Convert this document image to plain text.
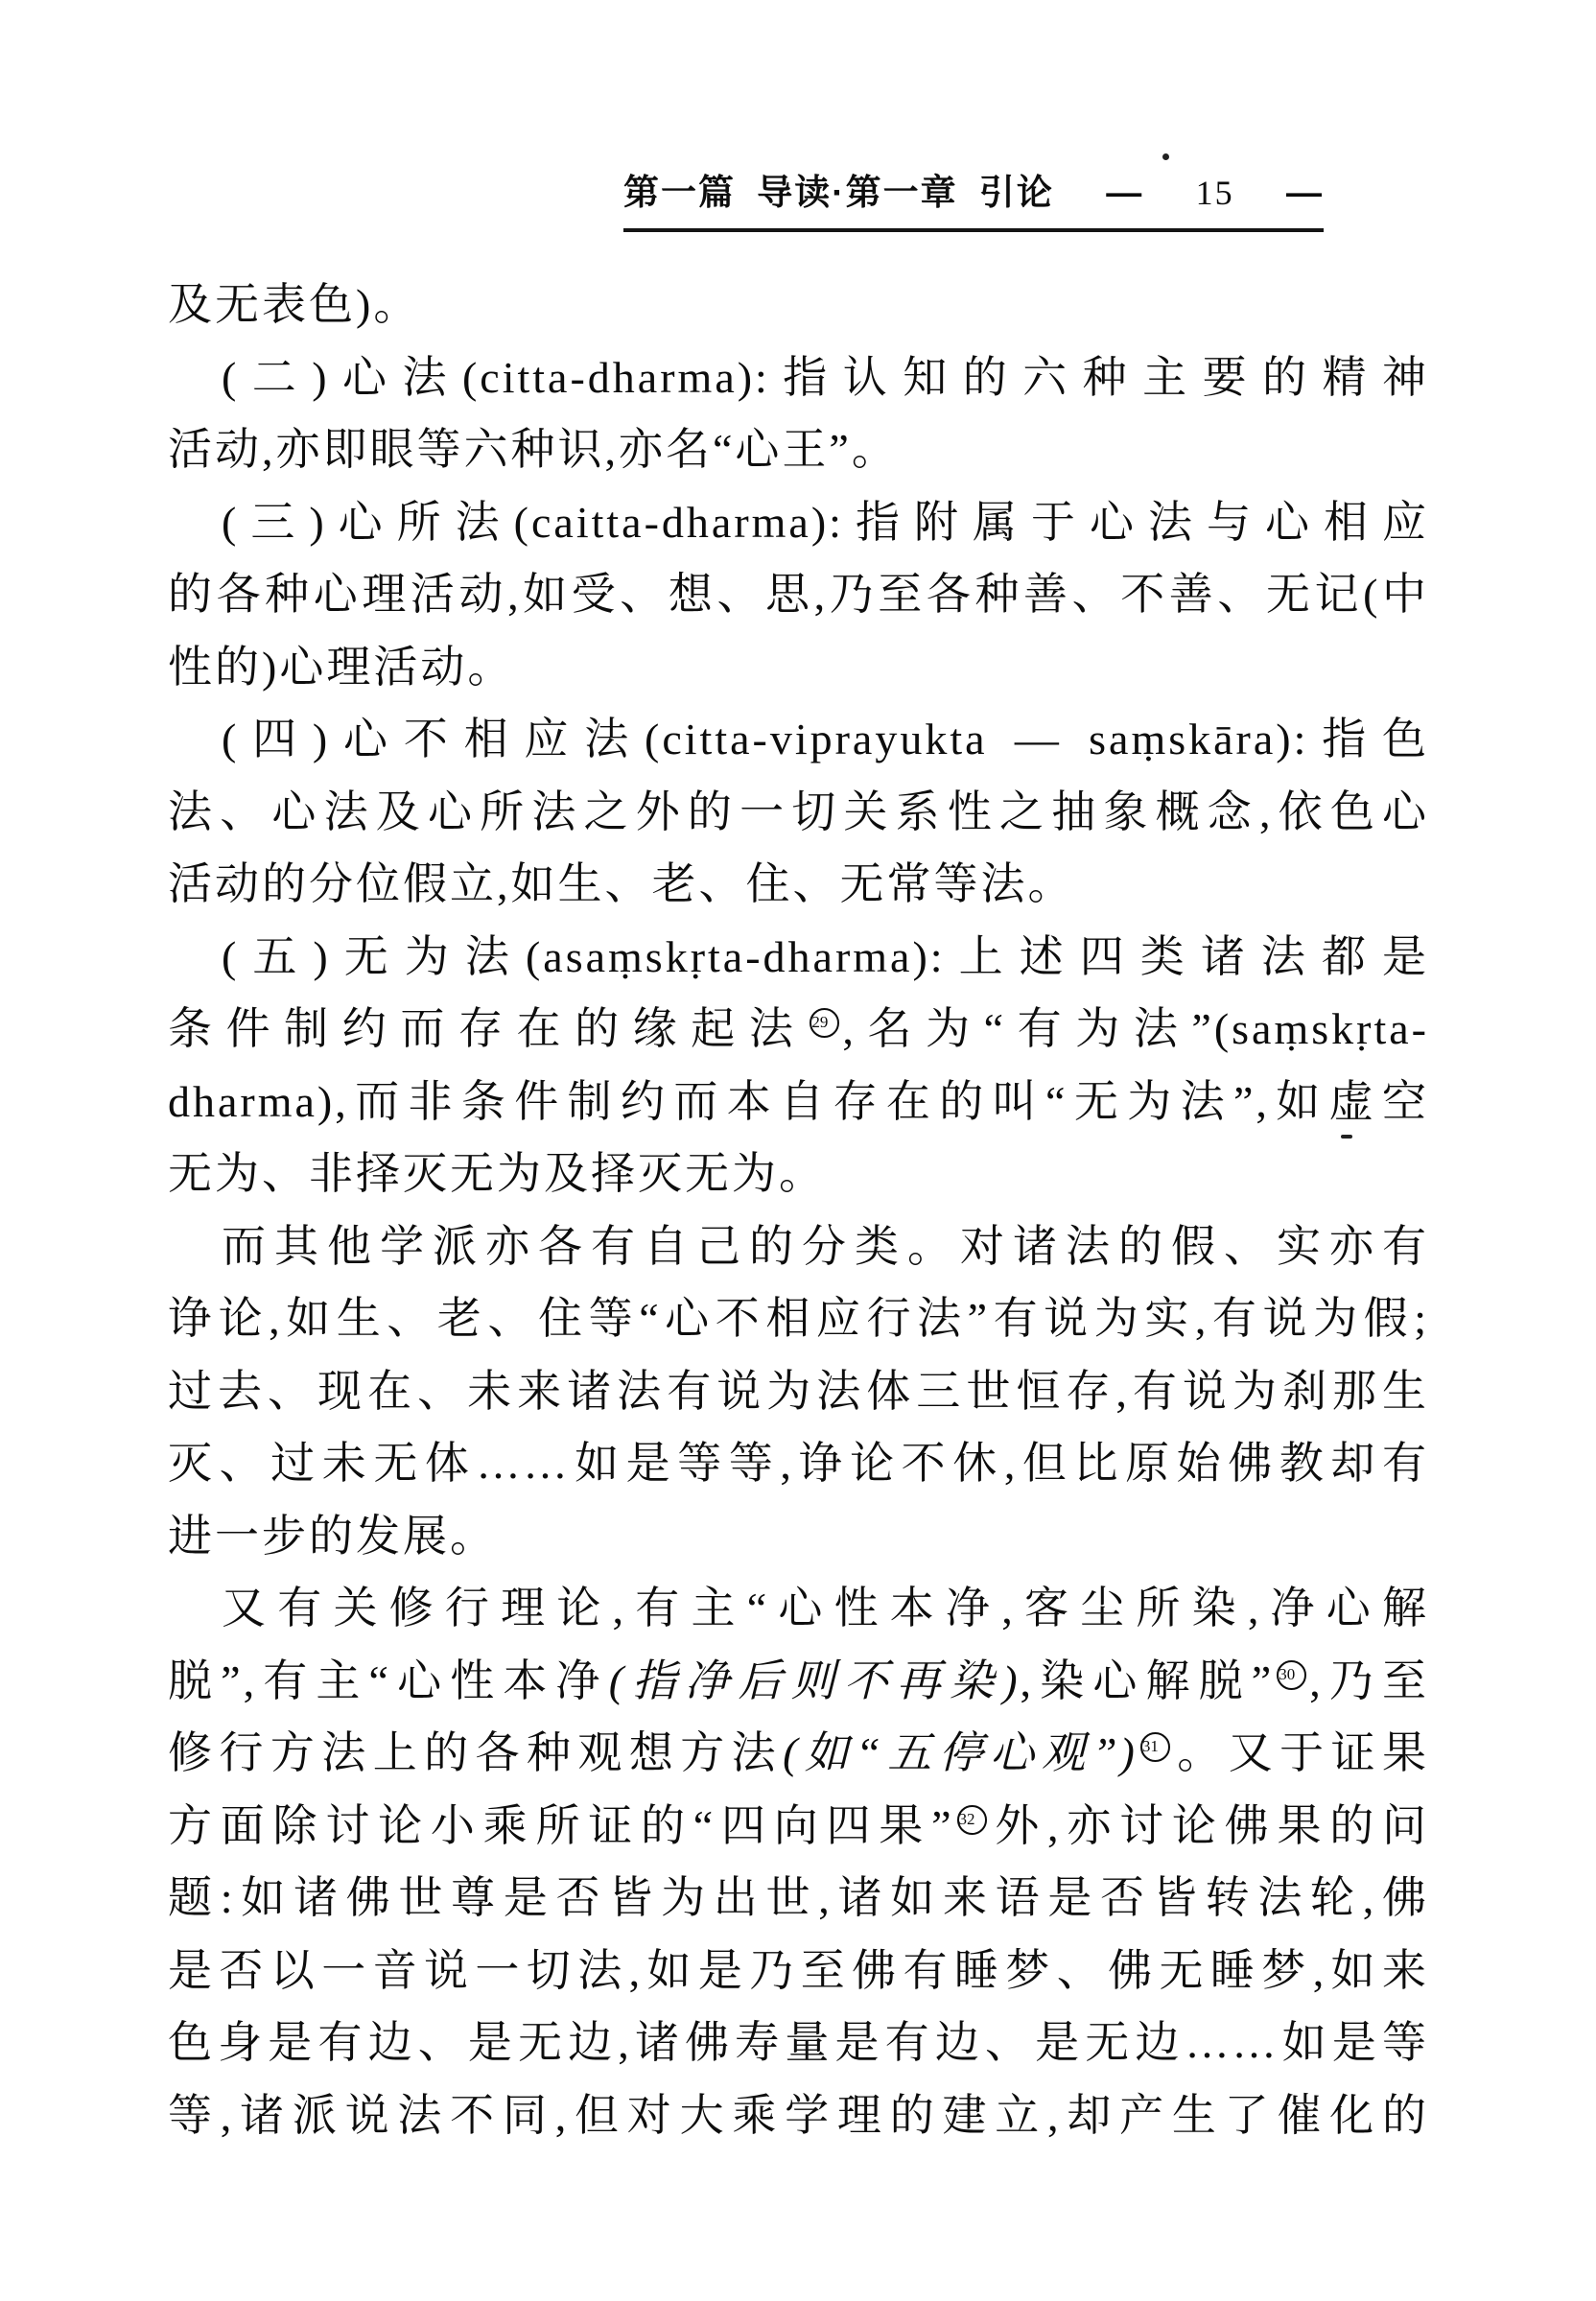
第一篇 导读·第一章 引论 — 15 —
及无表色)。
(二)心法(citta-dharma):指认知的六种主要的精神
活动,亦即眼等六种识,亦名“心王”。
(三)心所法(caitta-dharma):指附属于心法与心相应
的各种心理活动,如受、想、思,乃至各种善、不善、无记(中
性的)心理活动。
(四)心不相应法(citta-viprayukta — saṃskāra):指色
法、心法及心所法之外的一切关系性之抽象概念,依色心
活动的分位假立,如生、老、住、无常等法。
(五)无为法(asaṃskṛta-dharma):上述四类诸法都是
条件制约而存在的缘起法 29 ,名为“有为法”(saṃskṛta-
dharma),而非条件制约而本自存在的叫“无为法”,如虚空
无为、非择灭无为及择灭无为。
而其他学派亦各有自己的分类。对诸法的假、实亦有
诤论,如生、老、住等“心不相应行法”有说为实,有说为假;
过去、现在、未来诸法有说为法体三世恒存,有说为刹那生
灭、过未无体……如是等等,诤论不休,但比原始佛教却有
进一步的发展。
又有关修行理论,有主“心性本净,客尘所染,净心解
脱”,有主“心性本净(指净后则不再染),染心解脱” 30 ,乃至
修行方法上的各种观想方法(如“五停心观”) 31 。又于证果
方面除讨论小乘所证的“四向四果” 32 外,亦讨论佛果的问
题:如诸佛世尊是否皆为出世,诸如来语是否皆转法轮,佛
是否以一音说一切法,如是乃至佛有睡梦、佛无睡梦,如来
色身是有边、是无边,诸佛寿量是有边、是无边……如是等
等,诸派说法不同,但对大乘学理的建立,却产生了催化的
